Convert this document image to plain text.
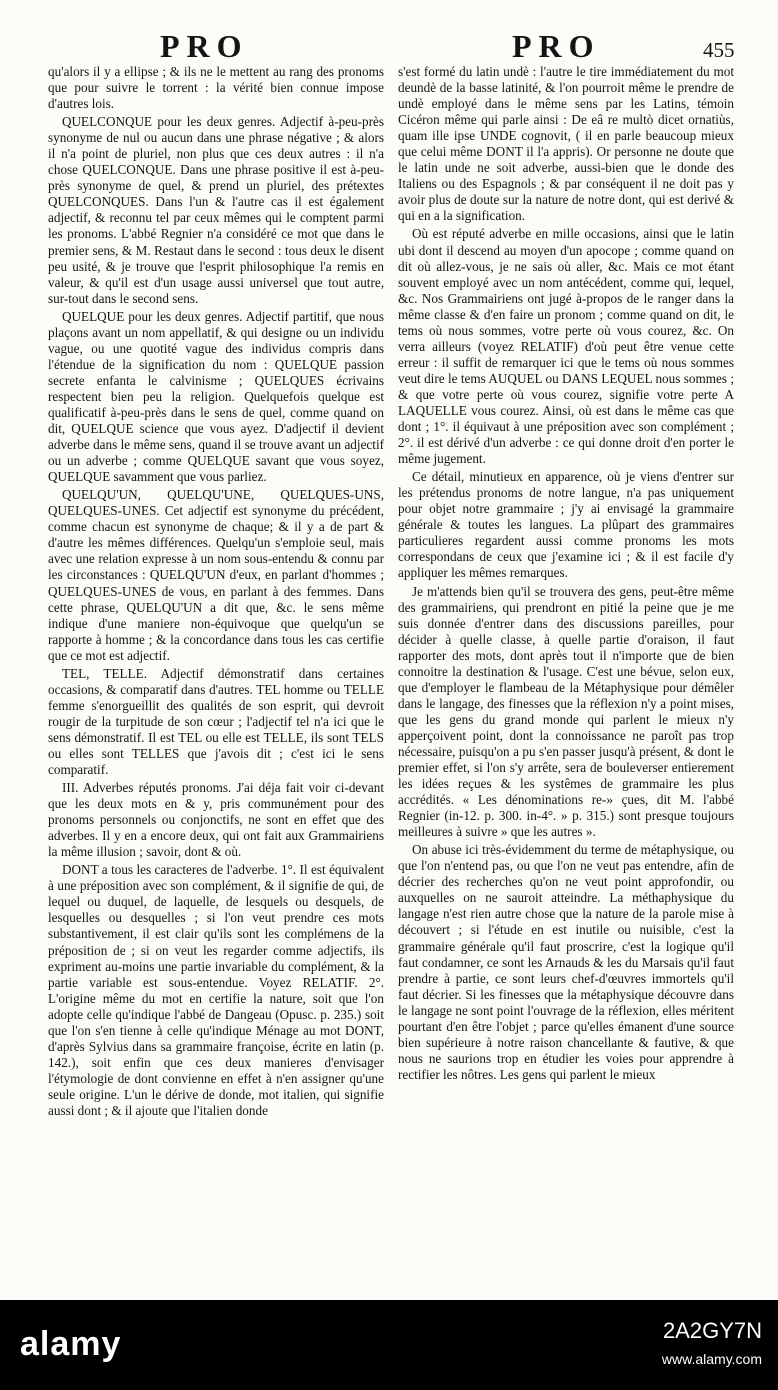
PRO	PRO	455

qu'alors il y a ellipse ; & ils ne le mettent au rang des pronoms que pour suivre le torrent : la vérité bien connue impose d'autres lois.

QUELCONQUE pour les deux genres. Adjectif à-peu-près synonyme de nul ou aucun dans une phrase négative ; & alors il n'a point de pluriel, non plus que ces deux autres : il n'a chose QUELCONQUE. Dans une phrase positive il est à-peu-près synonyme de quel, & prend un pluriel, des prétextes QUELCONQUES. Dans l'un & l'autre cas il est également adjectif, & reconnu tel par ceux mêmes qui le comptent parmi les pronoms. L'abbé Regnier n'a considéré ce mot que dans le premier sens, & M. Restaut dans le second : tous deux le disent peu usité, & je trouve que l'esprit philosophique l'a remis en valeur, & qu'il est d'un usage aussi universel que tout autre, sur-tout dans le second sens.

QUELQUE pour les deux genres. Adjectif partitif, que nous plaçons avant un nom appellatif, & qui designe ou un individu vague, ou une quotité vague des individus compris dans l'étendue de la signification du nom : QUELQUE passion secrete enfanta le calvinisme ; QUELQUES écrivains respectent bien peu la religion. Quelquefois quelque est qualificatif à-peu-près dans le sens de quel, comme quand on dit, QUELQUE science que vous ayez. D'adjectif il devient adverbe dans le même sens, quand il se trouve avant un adjectif ou un adverbe ; comme QUELQUE savant que vous soyez, QUELQUE savamment que vous parliez.

QUELQU'UN, QUELQU'UNE, QUELQUES-UNS, QUELQUES-UNES. Cet adjectif est synonyme du précédent, comme chacun est synonyme de chaque; & il y a de part & d'autre les mêmes différences. Quelqu'un s'emploie seul, mais avec une relation expresse à un nom sous-entendu & connu par les circonstances : QUELQU'UN d'eux, en parlant d'hommes ; QUELQUES-UNES de vous, en parlant à des femmes. Dans cette phrase, QUELQU'UN a dit que, &c. le sens même indique d'une maniere non-équivoque que quelqu'un se rapporte à homme ; & la concordance dans tous les cas certifie que ce mot est adjectif.

TEL, TELLE. Adjectif démonstratif dans certaines occasions, & comparatif dans d'autres. TEL homme ou TELLE femme s'enorgueillit des qualités de son esprit, qui devroit rougir de la turpitude de son cœur ; l'adjectif tel n'a ici que le sens démonstratif. Il est TEL ou elle est TELLE, ils sont TELS ou elles sont TELLES que j'avois dit ; c'est ici le sens comparatif.

III. Adverbes réputés pronoms. J'ai déja fait voir ci-devant que les deux mots en & y, pris communément pour des pronoms personnels ou conjonctifs, ne sont en effet que des adverbes. Il y en a encore deux, qui ont fait aux Grammairiens la même illusion ; savoir, dont & où.

DONT a tous les caracteres de l'adverbe. 1°. Il est équivalent à une préposition avec son complément, & il signifie de qui, de lequel ou duquel, de laquelle, de lesquels ou desquels, de lesquelles ou desquelles ; si l'on veut prendre ces mots substantivement, il est clair qu'ils sont les complémens de la préposition de ; si on veut les regarder comme adjectifs, ils expriment au-moins une partie invariable du complément, & la partie variable est sous-entendue. Voyez RELATIF. 2°. L'origine même du mot en certifie la nature, soit que l'on adopte celle qu'indique l'abbé de Dangeau (Opusc. p. 235.) soit que l'on s'en tienne à celle qu'indique Ménage au mot DONT, d'après Sylvius dans sa grammaire françoise, écrite en latin (p. 142.), soit enfin que ces deux manieres d'envisager l'étymologie de dont convienne en effet à n'en assigner qu'une seule origine. L'un le dérive de donde, mot italien, qui signifie aussi dont ; & il ajoute que l'italien donde

s'est formé du latin undè : l'autre le tire immédiatement du mot deundè de la basse latinité, & l'on pourroit même le prendre de undè employé dans le même sens par les Latins, témoin Cicéron même qui parle ainsi : De eâ re multò dicet ornatiùs, quam ille ipse UNDE cognovit, ( il en parle beaucoup mieux que celui même DONT il l'a appris). Or personne ne doute que le latin unde ne soit adverbe, aussi-bien que le donde des Italiens ou des Espagnols ; & par conséquent il ne doit pas y avoir plus de doute sur la nature de notre dont, qui est derivé & qui en a la signification.

Où est réputé adverbe en mille occasions, ainsi que le latin ubi dont il descend au moyen d'un apocope ; comme quand on dit où allez-vous, je ne sais où aller, &c. Mais ce mot étant souvent employé avec un nom antécédent, comme qui, lequel, &c. Nos Grammairiens ont jugé à-propos de le ranger dans la même classe & d'en faire un pronom ; comme quand on dit, le tems où nous sommes, votre perte où vous courez, &c. On verra ailleurs (voyez RELATIF) d'où peut être venue cette erreur : il suffit de remarquer ici que le tems où nous sommes veut dire le tems AUQUEL ou DANS LEQUEL nous sommes ; & que votre perte où vous courez, signifie votre perte A LAQUELLE vous courez. Ainsi, où est dans le même cas que dont ; 1°. il équivaut à une préposition avec son complément ; 2°. il est dérivé d'un adverbe : ce qui donne droit d'en porter le même jugement.

Ce détail, minutieux en apparence, où je viens d'entrer sur les prétendus pronoms de notre langue, n'a pas uniquement pour objet notre grammaire ; j'y ai envisagé la grammaire générale & toutes les langues. La plûpart des grammaires particulieres regardent aussi comme pronoms les mots correspondans de ceux que j'examine ici ; & il est facile d'y appliquer les mêmes remarques.

Je m'attends bien qu'il se trouvera des gens, peut-être même des grammairiens, qui prendront en pitié la peine que je me suis donnée d'entrer dans des discussions pareilles, pour décider à quelle classe, à quelle partie d'oraison, il faut rapporter des mots, dont après tout il n'importe que de bien connoitre la destination & l'usage. C'est une bévue, selon eux, que d'employer le flambeau de la Métaphysique pour démêler dans le langage, des finesses que la réflexion n'y a point mises, que les gens du grand monde qui parlent le mieux n'y apperçoivent point, dont la connoissance ne paroît pas trop nécessaire, puisqu'on a pu s'en passer jusqu'à présent, & dont le premier effet, si l'on s'y arrête, sera de bouleverser entierement les idées reçues & les systêmes de grammaire les plus accrédités. « Les dénominations re-» çues, dit M. l'abbé Regnier (in-12. p. 300. in-4°. » p. 315.) sont presque toujours meilleures à suivre » que les autres ».

On abuse ici très-évidemment du terme de métaphysique, ou que l'on n'entend pas, ou que l'on ne veut pas entendre, afin de décrier des recherches qu'on ne veut point approfondir, ou auxquelles on ne sauroit atteindre. La méthaphysique du langage n'est rien autre chose que la nature de la parole mise à découvert ; si l'étude en est inutile ou nuisible, c'est la grammaire générale qu'il faut proscrire, c'est la logique qu'il faut condamner, ce sont les Arnauds & les du Marsais qu'il faut prendre à partie, ce sont leurs chef-d'œuvres immortels qu'il faut décrier. Si les finesses que la métaphysique découvre dans le langage ne sont point l'ouvrage de la réflexion, elles méritent pourtant d'en être l'objet ; parce qu'elles émanent d'une source bien supérieure à notre raison chancellante & fautive, & que nous ne saurions trop en étudier les voies pour apprendre à rectifier les nôtres. Les gens qui parlent le mieux

alamy	2A2GY7N
www.alamy.com
